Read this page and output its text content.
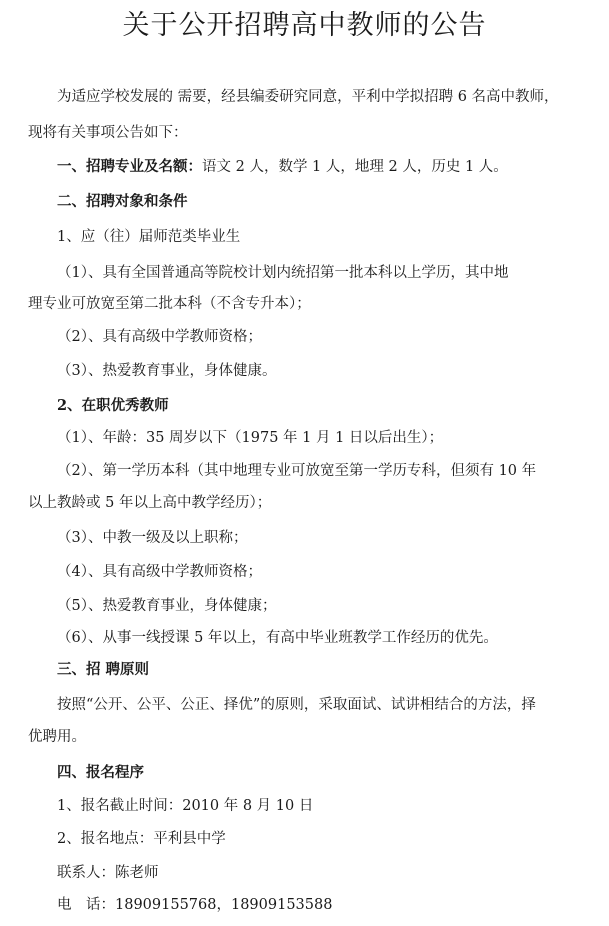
关于公开招聘高中教师的公告
为适应学校发展的 需要，经县编委研究同意，平利中学拟招聘 6 名高中教师，
现将有关事项公告如下：
一、招聘专业及名额：语文 2 人，数学 1 人，地理 2 人，历史 1 人。
二、招聘对象和条件
1、应（往）届师范类毕业生
（1）、具有全国普通高等院校计划内统招第一批本科以上学历，其中地
理专业可放宽至第二批本科（不含专升本）；
（2）、具有高级中学教师资格；
（3）、热爱教育事业，身体健康。
2、在职优秀教师
（1）、年龄：35 周岁以下（1975 年 1 月 1 日以后出生）；
（2）、第一学历本科（其中地理专业可放宽至第一学历专科，但须有 10 年
以上教龄或 5 年以上高中教学经历）；
（3）、中教一级及以上职称；
（4）、具有高级中学教师资格；
（5）、热爱教育事业，身体健康；
（6）、从事一线授课 5 年以上，有高中毕业班教学工作经历的优先。
三、招 聘原则
按照“公开、公平、公正、择优”的原则，采取面试、试讲相结合的方法，择
优聘用。
四、报名程序
1、报名截止时间：2010 年 8 月 10 日
2、报名地点：平利县中学
联系人：陈老师
电　话：18909155768，18909153588
